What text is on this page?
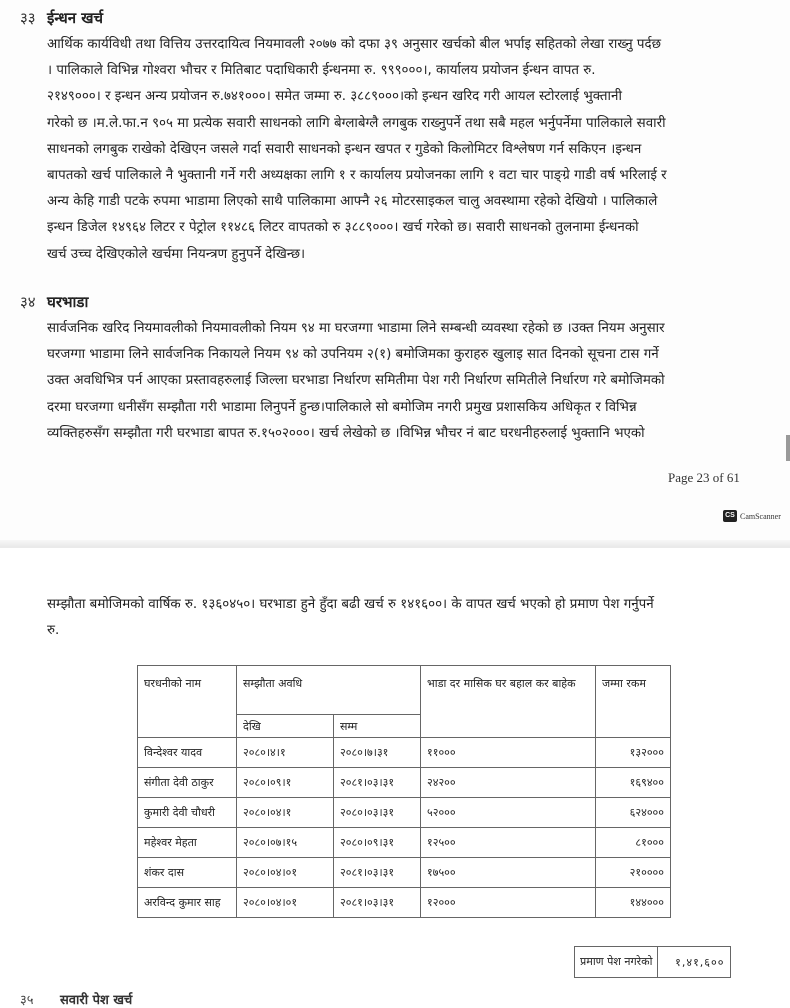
३३ ईन्धन खर्च
आर्थिक कार्यविधी तथा वित्तिय उत्तरदायित्व नियमावली २०७७ को दफा ३९ अनुसार खर्चको बील भर्पाइ सहितको लेखा राख्नु पर्दछ
। पालिकाले विभिन्न गोश्वरा भौचर र मितिबाट पदाधिकारी ईन्धनमा रु. ९९९०००।, कार्यालय प्रयोजन ईन्धन वापत रु.
२१४९०००। र इन्धन अन्य प्रयोजन रु.७४१०००। समेत जम्मा रु. ३८८९०००।को इन्धन खरिद गरी आयल स्टोरलाई भुक्तानी
गरेको छ ।म.ले.फा.न ९०५ मा प्रत्येक सवारी साधनको लागि बेग्लाबेग्लै लगबुक राख्नुपर्ने तथा सबै महल भर्नुपर्नेमा पालिकाले सवारी
साधनको लगबुक राखेको देखिएन जसले गर्दा सवारी साधनको इन्धन खपत र गुडेको किलोमिटर विश्लेषण गर्न सकिएन ।इन्धन
बापतको खर्च पालिकाले नै भुक्तानी गर्ने गरी अध्यक्षका लागि १ र कार्यालय प्रयोजनका लागि १ वटा चार पाङ्ग्रे गाडी वर्ष भरिलाई र
अन्य केहि गाडी पटके रुपमा भाडामा लिएको साथै पालिकामा आफ्नै २६ मोटरसाइकल चालु अवस्थामा रहेको देखियो । पालिकाले
इन्धन डिजेल १४९६४ लिटर र पेट्रोल ११४८६ लिटर वापतको रु ३८८९०००। खर्च गरेको छ। सवारी साधनको तुलनामा ईन्धनको
खर्च उच्च देखिएकोले खर्चमा नियन्त्रण हुनुपर्ने देखिन्छ।
३४ घरभाडा
सार्वजनिक खरिद नियमावलीको नियमावलीको नियम ९४ मा घरजग्गा भाडामा लिने सम्बन्धी व्यवस्था रहेको छ ।उक्त नियम अनुसार
घरजग्गा भाडामा लिने सार्वजनिक निकायले नियम ९४ को उपनियम २(१) बमोजिमका कुराहरु खुलाइ सात दिनको सूचना टास गर्ने
उक्त अवधिभित्र पर्न आएका प्रस्तावहरुलाई जिल्ला घरभाडा निर्धारण समितीमा पेश गरी निर्धारण समितीले निर्धारण गरे बमोजिमको
दरमा घरजग्गा धनीसँग सम्झौता गरी भाडामा लिनुपर्ने हुन्छ।पालिकाले सो बमोजिम नगरी प्रमुख प्रशासकिय अधिकृत र विभिन्न
व्यक्तिहरुसँग सम्झौता गरी घरभाडा बापत रु.१५०२०००। खर्च लेखेको छ ।विभिन्न भौचर नं बाट घरधनीहरुलाई भुक्तानि भएको
Page 23 of 61
CS CamScanner
सम्झौता बमोजिमको वार्षिक रु. १३६०४५०। घरभाडा हुने हुँदा बढी खर्च रु १४१६००। के वापत खर्च भएको हो प्रमाण पेश गर्नुपर्ने
रु.
घरधनीको नाम	सम्झौता अवधि		भाडा दर मासिक घर बहाल कर बाहेक	जम्मा रकम
	देखि	सम्म		
विन्देश्वर यादव	२०८०।४।१	२०८०।७।३१	११०००	१३२०००
संगीता देवी ठाकुर	२०८०।०९।१	२०८१।०३।३१	२४२००	१६९४००
कुमारी देवी चौधरी	२०८०।०४।१	२०८०।०३।३१	५२०००	६२४०००
महेश्वर मेहता	२०८०।०७।१५	२०८०।०९।३१	१२५००	८१०००
शंकर दास	२०८०।०४।०१	२०८१।०३।३१	१७५००	२१००००
अरविन्द कुमार साह	२०८०।०४।०१	२०८१।०३।३१	१२०००	१४४०००
प्रमाण पेश नगरेको	१,४१,६००
३५ सवारी पेश खर्च
